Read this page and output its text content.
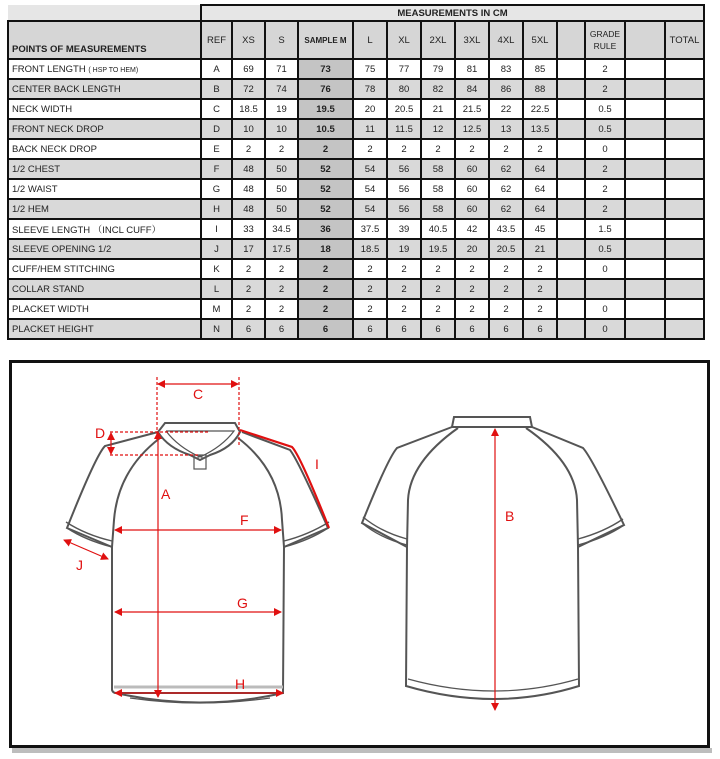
	MEASUREMENTS IN CM													
POINTS OF MEASUREMENTS	REF	XS	S	SAMPLE M	L	XL	2XL	3XL	4XL	5XL		GRADE
RULE		TOTAL
FRONT LENGTH ( HSP TO HEM)	A	69	71	73	75	77	79	81	83	85		2		
CENTER BACK LENGTH	B	72	74	76	78	80	82	84	86	88		2		
NECK WIDTH	C	18.5	19	19.5	20	20.5	21	21.5	22	22.5		0.5		
FRONT NECK DROP	D	10	10	10.5	11	11.5	12	12.5	13	13.5		0.5		
BACK NECK DROP	E	2	2	2	2	2	2	2	2	2		0		
1/2 CHEST	F	48	50	52	54	56	58	60	62	64		2		
1/2 WAIST	G	48	50	52	54	56	58	60	62	64		2		
1/2 HEM	H	48	50	52	54	56	58	60	62	64		2		
SLEEVE LENGTH （INCL CUFF）	I	33	34.5	36	37.5	39	40.5	42	43.5	45		1.5		
SLEEVE OPENING 1/2	J	17	17.5	18	18.5	19	19.5	20	20.5	21		0.5		
CUFF/HEM STITCHING	K	2	2	2	2	2	2	2	2	2		0		
COLLAR STAND	L	2	2	2	2	2	2	2	2	2				
PLACKET WIDTH	M	2	2	2	2	2	2	2	2	2		0		
PLACKET HEIGHT	N	6	6	6	6	6	6	6	6	6		0		
C
D
A
F
G
H
I
J
B
